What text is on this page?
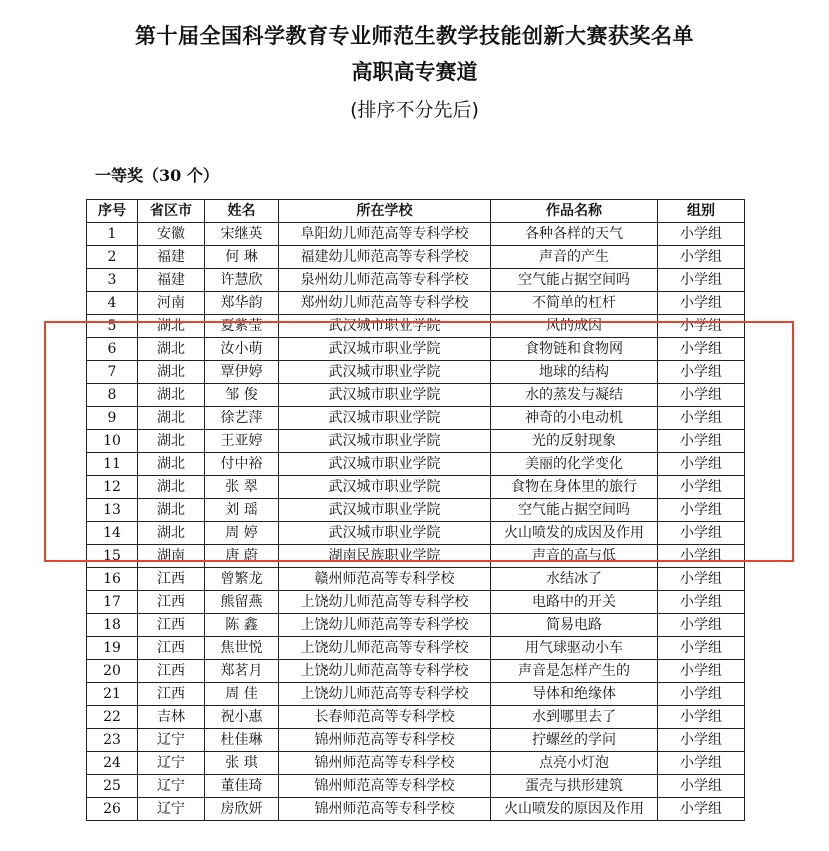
第十届全国科学教育专业师范生教学技能创新大赛获奖名单
高职高专赛道
(排序不分先后)
一等奖（30 个）
序号	省区市	姓名	所在学校	作品名称	组别
1	安徽	宋继英	阜阳幼儿师范高等专科学校	各种各样的天气	小学组
2	福建	何 琳	福建幼儿师范高等专科学校	声音的产生	小学组
3	福建	许慧欣	泉州幼儿师范高等专科学校	空气能占据空间吗	小学组
4	河南	郑华韵	郑州幼儿师范高等专科学校	不简单的杠杆	小学组
5	湖北	夏紫莹	武汉城市职业学院	风的成因	小学组
6	湖北	汝小萌	武汉城市职业学院	食物链和食物网	小学组
7	湖北	覃伊婷	武汉城市职业学院	地球的结构	小学组
8	湖北	邹 俊	武汉城市职业学院	水的蒸发与凝结	小学组
9	湖北	徐艺萍	武汉城市职业学院	神奇的小电动机	小学组
10	湖北	王亚婷	武汉城市职业学院	光的反射现象	小学组
11	湖北	付中裕	武汉城市职业学院	美丽的化学变化	小学组
12	湖北	张 翠	武汉城市职业学院	食物在身体里的旅行	小学组
13	湖北	刘 瑶	武汉城市职业学院	空气能占据空间吗	小学组
14	湖北	周 婷	武汉城市职业学院	火山喷发的成因及作用	小学组
15	湖南	唐 蔚	湖南民族职业学院	声音的高与低	小学组
16	江西	曾繁龙	赣州师范高等专科学校	水结冰了	小学组
17	江西	熊留燕	上饶幼儿师范高等专科学校	电路中的开关	小学组
18	江西	陈 鑫	上饶幼儿师范高等专科学校	简易电路	小学组
19	江西	焦世悦	上饶幼儿师范高等专科学校	用气球驱动小车	小学组
20	江西	郑茗月	上饶幼儿师范高等专科学校	声音是怎样产生的	小学组
21	江西	周 佳	上饶幼儿师范高等专科学校	导体和绝缘体	小学组
22	吉林	祝小惠	长春师范高等专科学校	水到哪里去了	小学组
23	辽宁	杜佳琳	锦州师范高等专科学校	拧螺丝的学问	小学组
24	辽宁	张 琪	锦州师范高等专科学校	点亮小灯泡	小学组
25	辽宁	董佳琦	锦州师范高等专科学校	蛋壳与拱形建筑	小学组
26	辽宁	房欣妍	锦州师范高等专科学校	火山喷发的原因及作用	小学组
